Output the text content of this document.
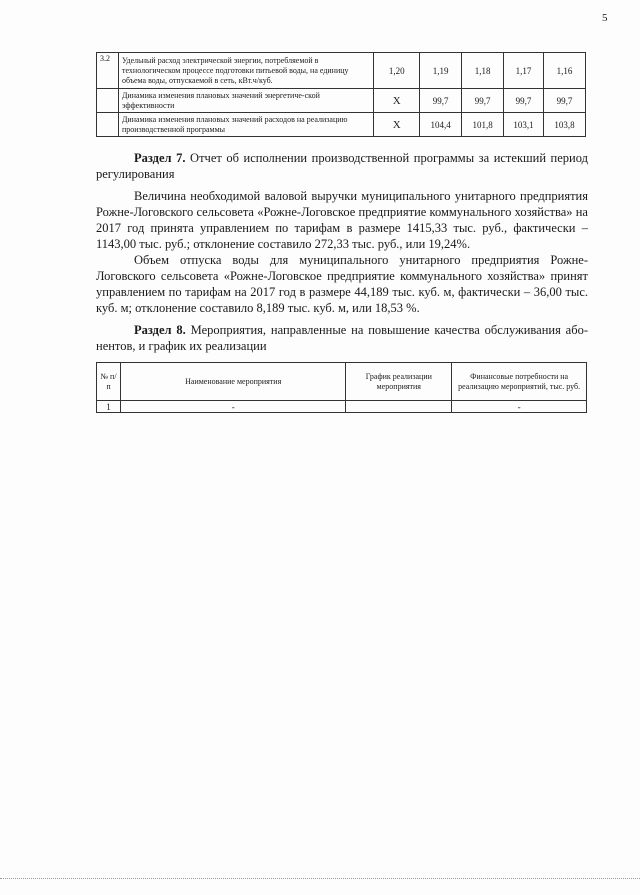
5
3.2	Удельный расход электрической энергии, потребляемой в технологическом процессе подготовки питьевой воды, на единицу объема воды, отпускаемой в сеть, кВт.ч/куб.	1,20	1,19	1,18	1,17	1,16
	Динамика изменения плановых значений энергетиче-ской эффективности	X	99,7	99,7	99,7	99,7
	Динамика изменения плановых значений расходов на реализацию производственной программы	X	104,4	101,8	103,1	103,8

Раздел 7. Отчет об исполнении производственной программы за истекший период регулирования

Величина необходимой валовой выручки муниципального унитарного предприятия Рожне-Логовского сельсовета «Рожне-Логовское предприятие коммунального хозяйства» на 2017 год принята управлением по тарифам в размере 1415,33 тыс. руб., фактически – 1143,00 тыс. руб.; отклонение составило 272,33 тыс. руб., или 19,24%.

Объем отпуска воды для муниципального унитарного предприятия Рожне-Логовского сельсовета «Рожне-Логовское предприятие коммунального хозяйства» принят управлением по тарифам на 2017 год в размере 44,189 тыс. куб. м, фактически – 36,00 тыс. куб. м; отклонение составило 8,189 тыс. куб. м, или 18,53 %.

Раздел 8. Мероприятия, направленные на повышение качества обслуживания або-нентов, и график их реализации

№ п/п	Наименование мероприятия	График реализации мероприятия	Финансовые потребности на реализацию мероприятий, тыс. руб.
1	-		-
